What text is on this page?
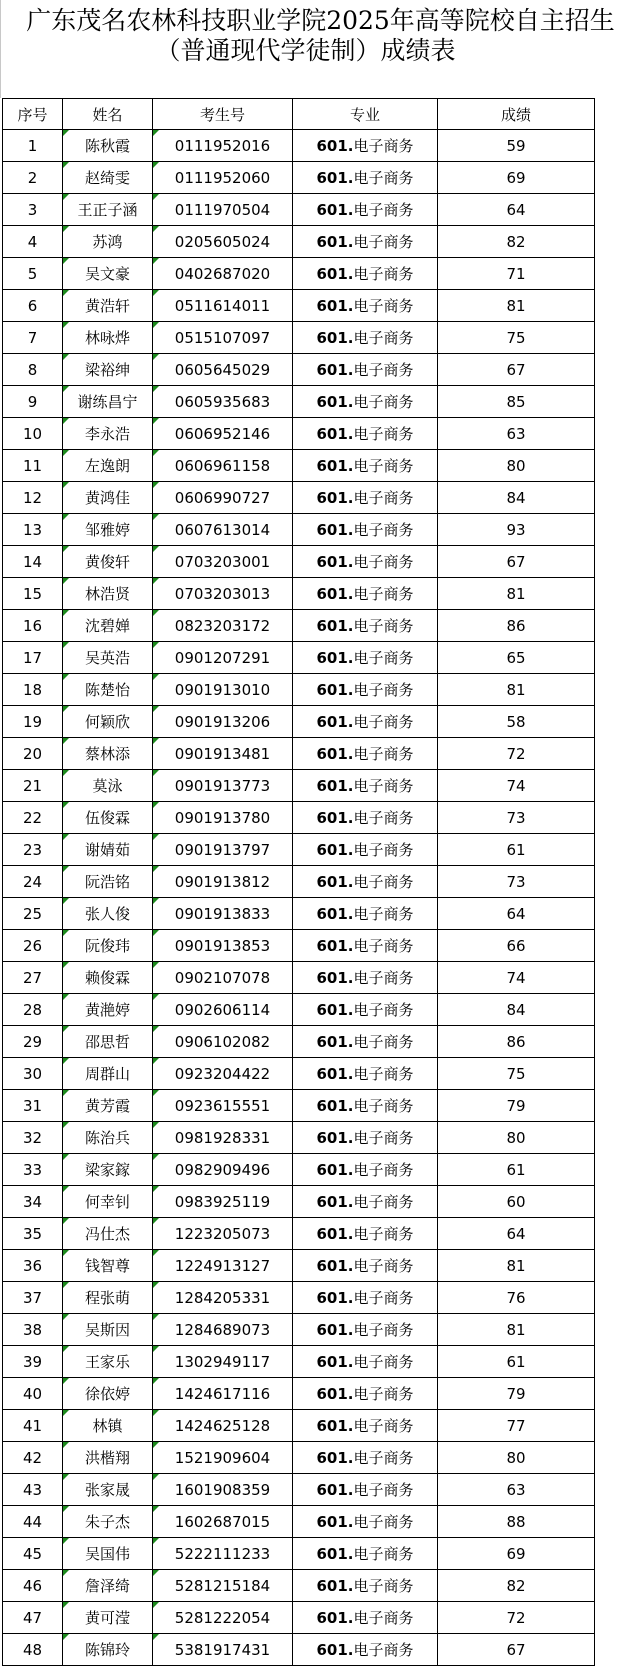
广东茂名农林科技职业学院2025年高等院校自主招生
（普通现代学徒制）成绩表
序号	姓名	考生号	专业	成绩
1	陈秋霞	0111952016	601.电子商务	59
2	赵绮雯	0111952060	601.电子商务	69
3	王正子涵	0111970504	601.电子商务	64
4	苏鸿	0205605024	601.电子商务	82
5	吴文豪	0402687020	601.电子商务	71
6	黄浩轩	0511614011	601.电子商务	81
7	林咏烨	0515107097	601.电子商务	75
8	梁裕绅	0605645029	601.电子商务	67
9	谢练昌宁	0605935683	601.电子商务	85
10	李永浩	0606952146	601.电子商务	63
11	左逸朗	0606961158	601.电子商务	80
12	黄鸿佳	0606990727	601.电子商务	84
13	邹雅婷	0607613014	601.电子商务	93
14	黄俊轩	0703203001	601.电子商务	67
15	林浩贤	0703203013	601.电子商务	81
16	沈碧婵	0823203172	601.电子商务	86
17	吴英浩	0901207291	601.电子商务	65
18	陈楚怡	0901913010	601.电子商务	81
19	何颖欣	0901913206	601.电子商务	58
20	蔡林添	0901913481	601.电子商务	72
21	莫泳	0901913773	601.电子商务	74
22	伍俊霖	0901913780	601.电子商务	73
23	谢婧茹	0901913797	601.电子商务	61
24	阮浩铭	0901913812	601.电子商务	73
25	张人俊	0901913833	601.电子商务	64
26	阮俊玮	0901913853	601.电子商务	66
27	赖俊霖	0902107078	601.电子商务	74
28	黄滟婷	0902606114	601.电子商务	84
29	邵思哲	0906102082	601.电子商务	86
30	周群山	0923204422	601.电子商务	75
31	黄芳霞	0923615551	601.电子商务	79
32	陈治兵	0981928331	601.电子商务	80
33	梁家鎵	0982909496	601.电子商务	61
34	何幸钊	0983925119	601.电子商务	60
35	冯仕杰	1223205073	601.电子商务	64
36	钱智尊	1224913127	601.电子商务	81
37	程张萌	1284205331	601.电子商务	76
38	吴斯因	1284689073	601.电子商务	81
39	王家乐	1302949117	601.电子商务	61
40	徐依婷	1424617116	601.电子商务	79
41	林镇	1424625128	601.电子商务	77
42	洪楷翔	1521909604	601.电子商务	80
43	张家晟	1601908359	601.电子商务	63
44	朱子杰	1602687015	601.电子商务	88
45	吴国伟	5222111233	601.电子商务	69
46	詹泽绮	5281215184	601.电子商务	82
47	黄可滢	5281222054	601.电子商务	72
48	陈锦玲	5381917431	601.电子商务	67
